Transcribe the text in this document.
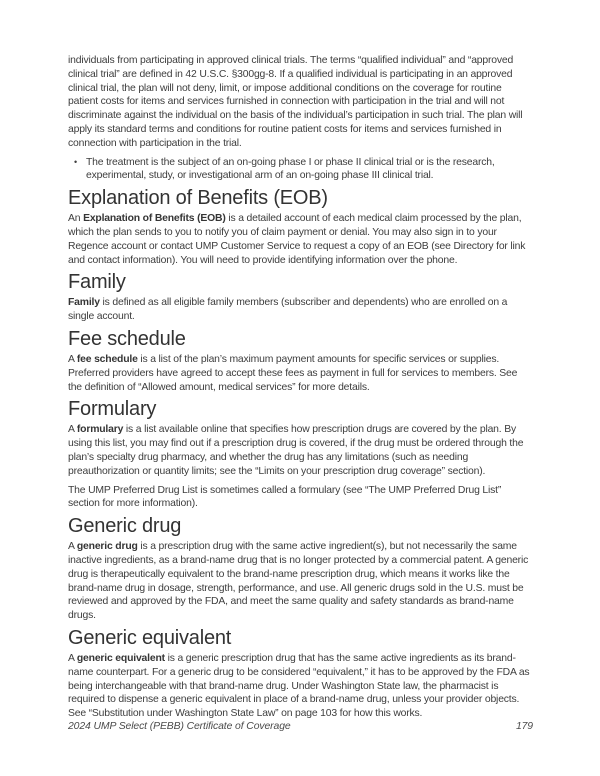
individuals from participating in approved clinical trials. The terms “qualified individual” and “approved clinical trial” are defined in 42 U.S.C. §300gg-8. If a qualified individual is participating in an approved clinical trial, the plan will not deny, limit, or impose additional conditions on the coverage for routine patient costs for items and services furnished in connection with participation in the trial and will not discriminate against the individual on the basis of the individual’s participation in such trial. The plan will apply its standard terms and conditions for routine patient costs for items and services furnished in connection with participation in the trial.

• The treatment is the subject of an on-going phase I or phase II clinical trial or is the research, experimental, study, or investigational arm of an on-going phase III clinical trial.

Explanation of Benefits (EOB)

An Explanation of Benefits (EOB) is a detailed account of each medical claim processed by the plan, which the plan sends to you to notify you of claim payment or denial. You may also sign in to your Regence account or contact UMP Customer Service to request a copy of an EOB (see Directory for link and contact information). You will need to provide identifying information over the phone.

Family

Family is defined as all eligible family members (subscriber and dependents) who are enrolled on a single account.

Fee schedule

A fee schedule is a list of the plan’s maximum payment amounts for specific services or supplies. Preferred providers have agreed to accept these fees as payment in full for services to members. See the definition of “Allowed amount, medical services” for more details.

Formulary

A formulary is a list available online that specifies how prescription drugs are covered by the plan. By using this list, you may find out if a prescription drug is covered, if the drug must be ordered through the plan’s specialty drug pharmacy, and whether the drug has any limitations (such as needing preauthorization or quantity limits; see the “Limits on your prescription drug coverage” section).

The UMP Preferred Drug List is sometimes called a formulary (see “The UMP Preferred Drug List” section for more information).

Generic drug

A generic drug is a prescription drug with the same active ingredient(s), but not necessarily the same inactive ingredients, as a brand-name drug that is no longer protected by a commercial patent. A generic drug is therapeutically equivalent to the brand-name prescription drug, which means it works like the brand-name drug in dosage, strength, performance, and use. All generic drugs sold in the U.S. must be reviewed and approved by the FDA, and meet the same quality and safety standards as brand-name drugs.

Generic equivalent

A generic equivalent is a generic prescription drug that has the same active ingredients as its brand-name counterpart. For a generic drug to be considered “equivalent,” it has to be approved by the FDA as being interchangeable with that brand-name drug. Under Washington State law, the pharmacist is required to dispense a generic equivalent in place of a brand-name drug, unless your provider objects. See “Substitution under Washington State Law” on page 103 for how this works.

2024 UMP Select (PEBB) Certificate of Coverage	179
